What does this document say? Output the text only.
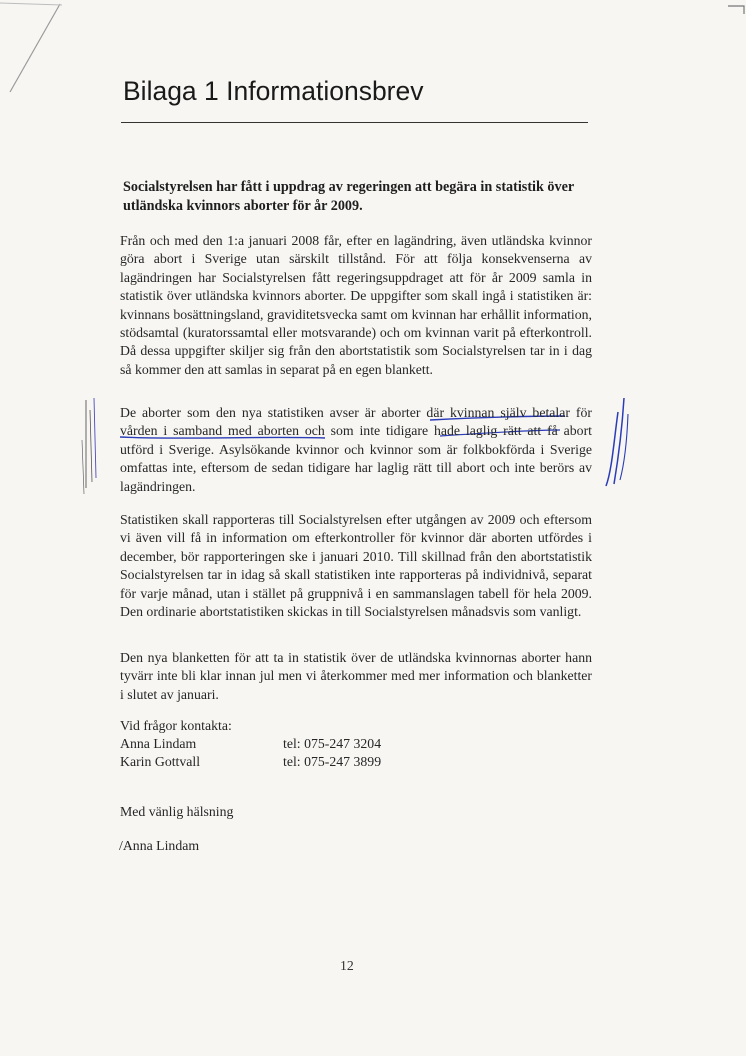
Bilaga 1 Informationsbrev

Socialstyrelsen har fått i uppdrag av regeringen att begära in statistik över utländska kvinnors aborter för år 2009.

Från och med den 1:a januari 2008 får, efter en lagändring, även utländska kvinnor göra abort i Sverige utan särskilt tillstånd. För att följa konsekvenserna av lagändringen har Socialstyrelsen fått regeringsuppdraget att för år 2009 samla in statistik över utländska kvinnors aborter. De uppgifter som skall ingå i statistiken är: kvinnans bosättningsland, graviditetsvecka samt om kvinnan har erhållit information, stödsamtal (kuratorssamtal eller motsvarande) och om kvinnan varit på efterkontroll. Då dessa uppgifter skiljer sig från den abortstatistik som Socialstyrelsen tar in i dag så kommer den att samlas in separat på en egen blankett.

De aborter som den nya statistiken avser är aborter där kvinnan själv betalar för vården i samband med aborten och som inte tidigare hade laglig rätt att få abort utförd i Sverige. Asylsökande kvinnor och kvinnor som är folkbokförda i Sverige omfattas inte, eftersom de sedan tidigare har laglig rätt till abort och inte berörs av lagändringen.

Statistiken skall rapporteras till Socialstyrelsen efter utgången av 2009 och eftersom vi även vill få in information om efterkontroller för kvinnor där aborten utfördes i december, bör rapporteringen ske i januari 2010. Till skillnad från den abortstatistik Socialstyrelsen tar in idag så skall statistiken inte rapporteras på individnivå, separat för varje månad, utan i stället på gruppnivå i en sammanslagen tabell för hela 2009. Den ordinarie abortstatistiken skickas in till Socialstyrelsen månadsvis som vanligt.

Den nya blanketten för att ta in statistik över de utländska kvinnornas aborter hann tyvärr inte bli klar innan jul men vi återkommer med mer information och blanketter i slutet av januari.

Vid frågor kontakta:
Anna Lindam	tel: 075-247 3204
Karin Gottvall	tel: 075-247 3899
Med vänlig hälsning
/Anna Lindam
12
